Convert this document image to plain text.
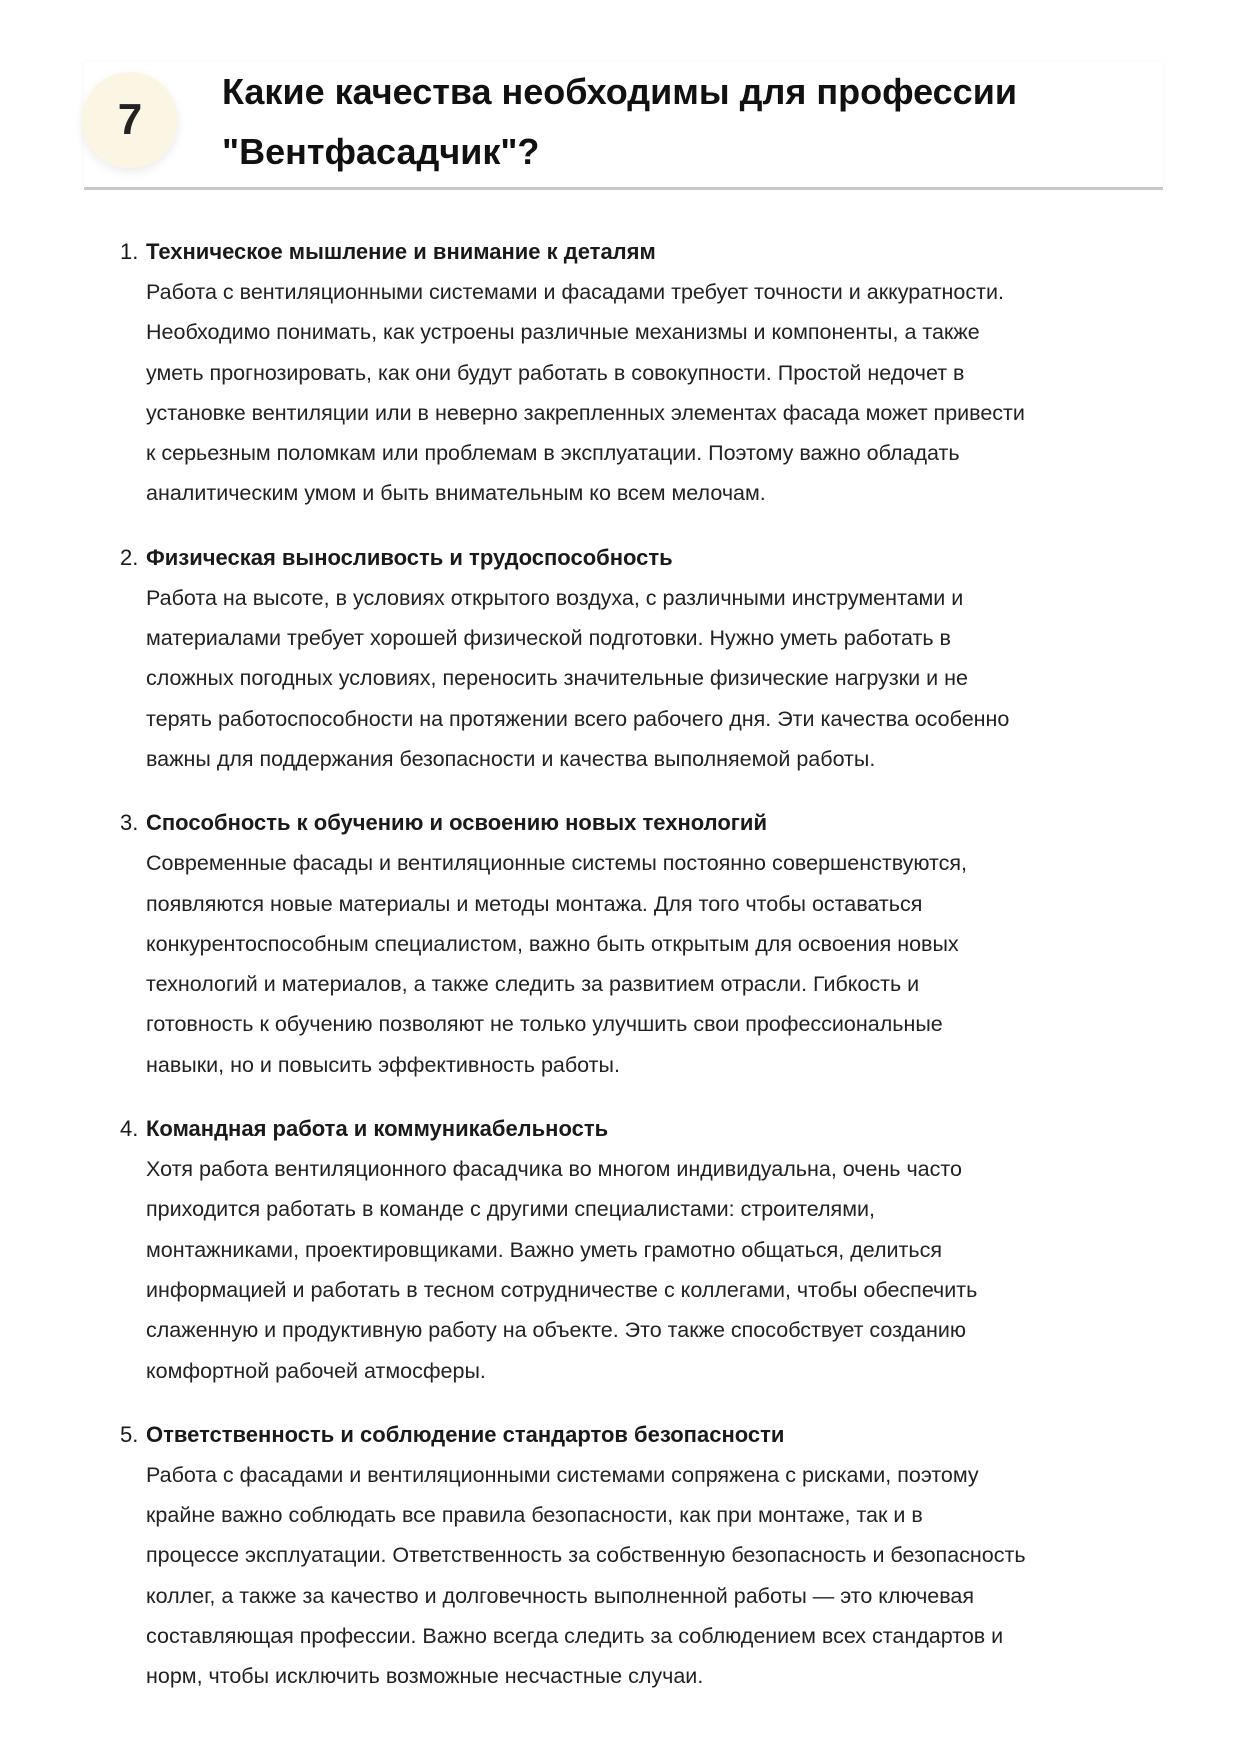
7
Какие качества необходимы для профессии
"Вентфасадчик"?
1. Техническое мышление и внимание к деталям
Работа с вентиляционными системами и фасадами требует точности и аккуратности.
Необходимо понимать, как устроены различные механизмы и компоненты, а также
уметь прогнозировать, как они будут работать в совокупности. Простой недочет в
установке вентиляции или в неверно закрепленных элементах фасада может привести
к серьезным поломкам или проблемам в эксплуатации. Поэтому важно обладать
аналитическим умом и быть внимательным ко всем мелочам.
2. Физическая выносливость и трудоспособность
Работа на высоте, в условиях открытого воздуха, с различными инструментами и
материалами требует хорошей физической подготовки. Нужно уметь работать в
сложных погодных условиях, переносить значительные физические нагрузки и не
терять работоспособности на протяжении всего рабочего дня. Эти качества особенно
важны для поддержания безопасности и качества выполняемой работы.
3. Способность к обучению и освоению новых технологий
Современные фасады и вентиляционные системы постоянно совершенствуются,
появляются новые материалы и методы монтажа. Для того чтобы оставаться
конкурентоспособным специалистом, важно быть открытым для освоения новых
технологий и материалов, а также следить за развитием отрасли. Гибкость и
готовность к обучению позволяют не только улучшить свои профессиональные
навыки, но и повысить эффективность работы.
4. Командная работа и коммуникабельность
Хотя работа вентиляционного фасадчика во многом индивидуальна, очень часто
приходится работать в команде с другими специалистами: строителями,
монтажниками, проектировщиками. Важно уметь грамотно общаться, делиться
информацией и работать в тесном сотрудничестве с коллегами, чтобы обеспечить
слаженную и продуктивную работу на объекте. Это также способствует созданию
комфортной рабочей атмосферы.
5. Ответственность и соблюдение стандартов безопасности
Работа с фасадами и вентиляционными системами сопряжена с рисками, поэтому
крайне важно соблюдать все правила безопасности, как при монтаже, так и в
процессе эксплуатации. Ответственность за собственную безопасность и безопасность
коллег, а также за качество и долговечность выполненной работы — это ключевая
составляющая профессии. Важно всегда следить за соблюдением всех стандартов и
норм, чтобы исключить возможные несчастные случаи.
